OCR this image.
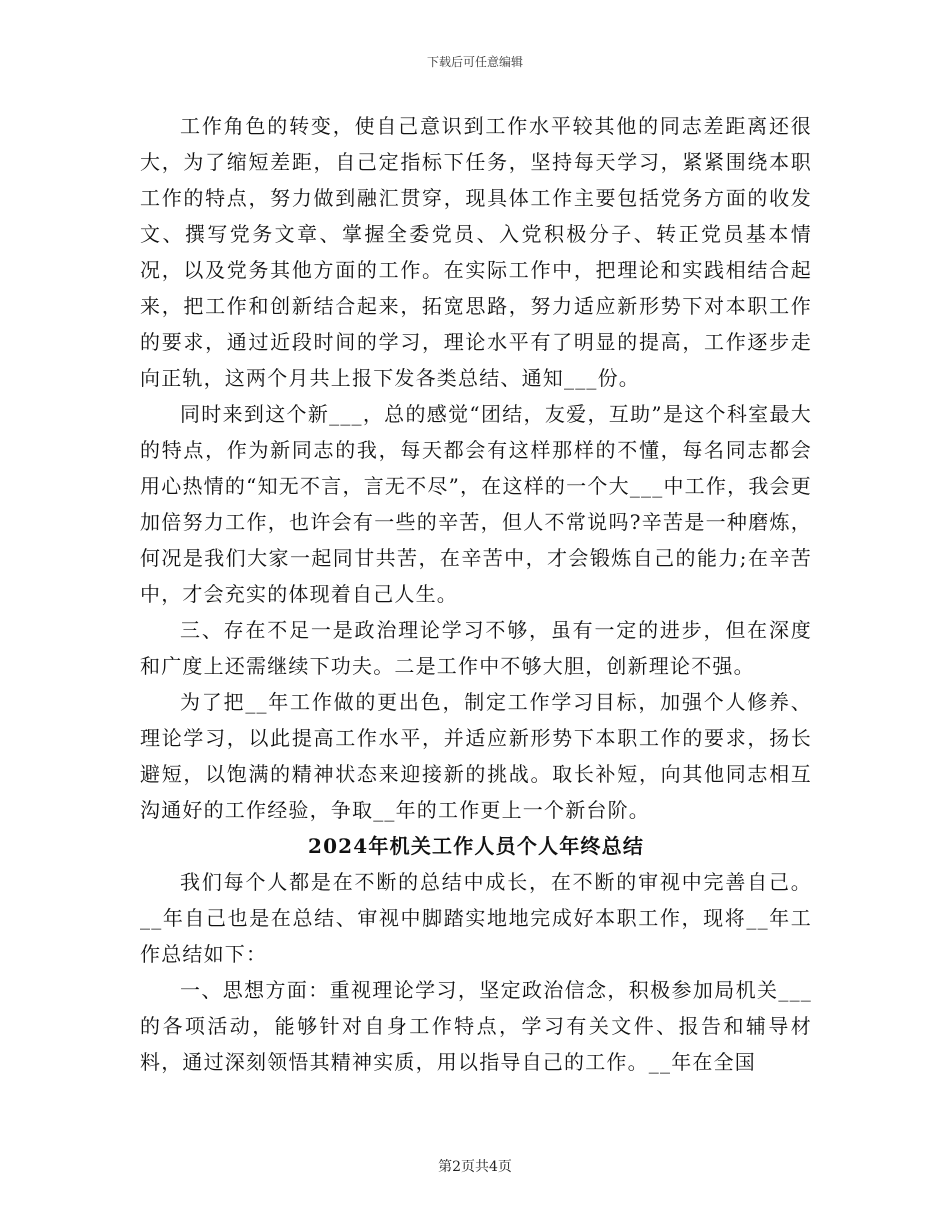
下载后可任意编辑

工作角色的转变，使自己意识到工作水平较其他的同志差距离还很大，为了缩短差距，自己定指标下任务，坚持每天学习，紧紧围绕本职工作的特点，努力做到融汇贯穿，现具体工作主要包括党务方面的收发文、撰写党务文章、掌握全委党员、入党积极分子、转正党员基本情况，以及党务其他方面的工作。在实际工作中，把理论和实践相结合起来，把工作和创新结合起来，拓宽思路，努力适应新形势下对本职工作的要求，通过近段时间的学习，理论水平有了明显的提高，工作逐步走向正轨，这两个月共上报下发各类总结、通知___份。

同时来到这个新___，总的感觉“团结，友爱，互助”是这个科室最大的特点，作为新同志的我，每天都会有这样那样的不懂，每名同志都会用心热情的“知无不言，言无不尽”，在这样的一个大___中工作，我会更加倍努力工作，也许会有一些的辛苦，但人不常说吗?辛苦是一种磨炼，何况是我们大家一起同甘共苦，在辛苦中，才会锻炼自己的能力;在辛苦中，才会充实的体现着自己人生。

三、存在不足一是政治理论学习不够，虽有一定的进步，但在深度和广度上还需继续下功夫。二是工作中不够大胆，创新理论不强。

为了把__年工作做的更出色，制定工作学习目标，加强个人修养、理论学习，以此提高工作水平，并适应新形势下本职工作的要求，扬长避短，以饱满的精神状态来迎接新的挑战。取长补短，向其他同志相互沟通好的工作经验，争取__年的工作更上一个新台阶。

2024年机关工作人员个人年终总结

我们每个人都是在不断的总结中成长，在不断的审视中完善自己。__年自己也是在总结、审视中脚踏实地地完成好本职工作，现将__年工作总结如下：

一、思想方面：重视理论学习，坚定政治信念，积极参加局机关___的各项活动，能够针对自身工作特点，学习有关文件、报告和辅导材料，通过深刻领悟其精神实质，用以指导自己的工作。__年在全国

第2页共4页
